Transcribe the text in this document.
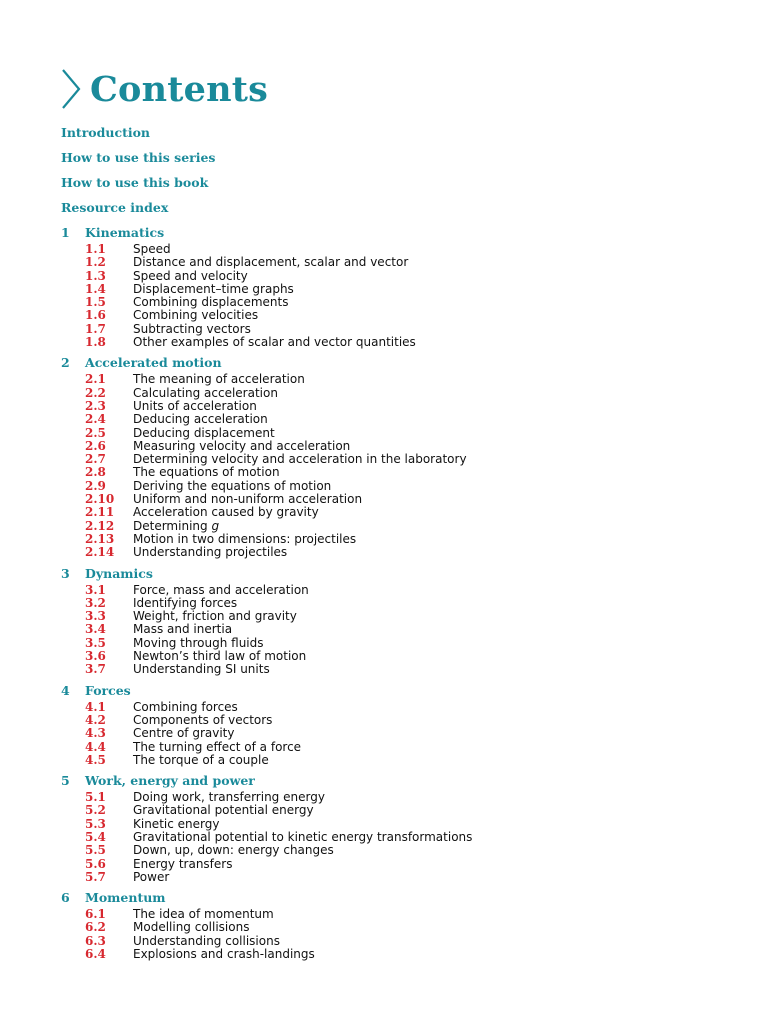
Contents
Introduction
How to use this series
How to use this book
Resource index
1	Kinematics
1.1	Speed
1.2	Distance and displacement, scalar and vector
1.3	Speed and velocity
1.4	Displacement–time graphs
1.5	Combining displacements
1.6	Combining velocities
1.7	Subtracting vectors
1.8	Other examples of scalar and vector quantities
2	Accelerated motion
2.1	The meaning of acceleration
2.2	Calculating acceleration
2.3	Units of acceleration
2.4	Deducing acceleration
2.5	Deducing displacement
2.6	Measuring velocity and acceleration
2.7	Determining velocity and acceleration in the laboratory
2.8	The equations of motion
2.9	Deriving the equations of motion
2.10	Uniform and non-uniform acceleration
2.11	Acceleration caused by gravity
2.12	Determining g
2.13	Motion in two dimensions: projectiles
2.14	Understanding projectiles
3	Dynamics
3.1	Force, mass and acceleration
3.2	Identifying forces
3.3	Weight, friction and gravity
3.4	Mass and inertia
3.5	Moving through fluids
3.6	Newton’s third law of motion
3.7	Understanding SI units
4	Forces
4.1	Combining forces
4.2	Components of vectors
4.3	Centre of gravity
4.4	The turning effect of a force
4.5	The torque of a couple
5	Work, energy and power
5.1	Doing work, transferring energy
5.2	Gravitational potential energy
5.3	Kinetic energy
5.4	Gravitational potential to kinetic energy transformations
5.5	Down, up, down: energy changes
5.6	Energy transfers
5.7	Power
6	Momentum
6.1	The idea of momentum
6.2	Modelling collisions
6.3	Understanding collisions
6.4	Explosions and crash-landings
